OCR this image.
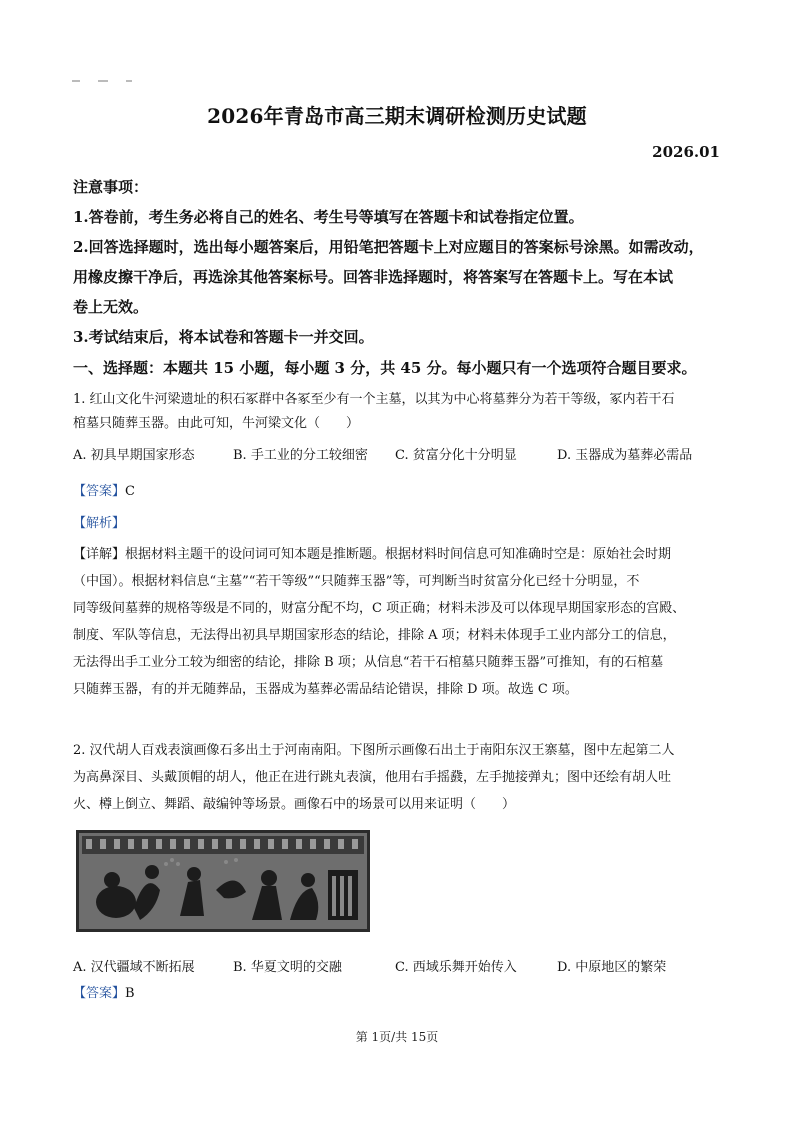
2026年青岛市高三期末调研检测历史试题
2026.01

注意事项：

1.答卷前，考生务必将自己的姓名、考生号等填写在答题卡和试卷指定位置。

2.回答选择题时，选出每小题答案后，用铅笔把答题卡上对应题目的答案标号涂黑。如需改动，

用橡皮擦干净后，再选涂其他答案标号。回答非选择题时，将答案写在答题卡上。写在本试

卷上无效。

3.考试结束后，将本试卷和答题卡一并交回。

一、选择题：本题共 15 小题，每小题 3 分，共 45 分。每小题只有一个选项符合题目要求。

1. 红山文化牛河梁遗址的积石冢群中各冢至少有一个主墓，以其为中心将墓葬分为若干等级，冢内若干石

棺墓只随葬玉器。由此可知，牛河梁文化（　　）

A. 初具早期国家形态	B. 手工业的分工较细密	C. 贫富分化十分明显	D. 玉器成为墓葬必需品
【答案】C
【解析】

【详解】根据材料主题干的设问词可知本题是推断题。根据材料时间信息可知准确时空是：原始社会时期

（中国）。根据材料信息“主墓”“若干等级”“只随葬玉器”等，可判断当时贫富分化已经十分明显，不

同等级间墓葬的规格等级是不同的，财富分配不均，C 项正确；材料未涉及可以体现早期国家形态的宫殿、

制度、军队等信息，无法得出初具早期国家形态的结论，排除 A 项；材料未体现手工业内部分工的信息，

无法得出手工业分工较为细密的结论，排除 B 项；从信息“若干石棺墓只随葬玉器”可推知，有的石棺墓

只随葬玉器，有的并无随葬品，玉器成为墓葬必需品结论错误，排除 D 项。故选 C 项。

2. 汉代胡人百戏表演画像石多出土于河南南阳。下图所示画像石出土于南阳东汉王寨墓，图中左起第二人

为高鼻深目、头戴顶帽的胡人，他正在进行跳丸表演，他用右手摇鼗，左手抛接弹丸；图中还绘有胡人吐

火、樽上倒立、舞蹈、敲编钟等场景。画像石中的场景可以用来证明（　　）

A. 汉代疆域不断拓展	B. 华夏文明的交融	C. 西域乐舞开始传入	D. 中原地区的繁荣
【答案】B
第 1页/共 15页
